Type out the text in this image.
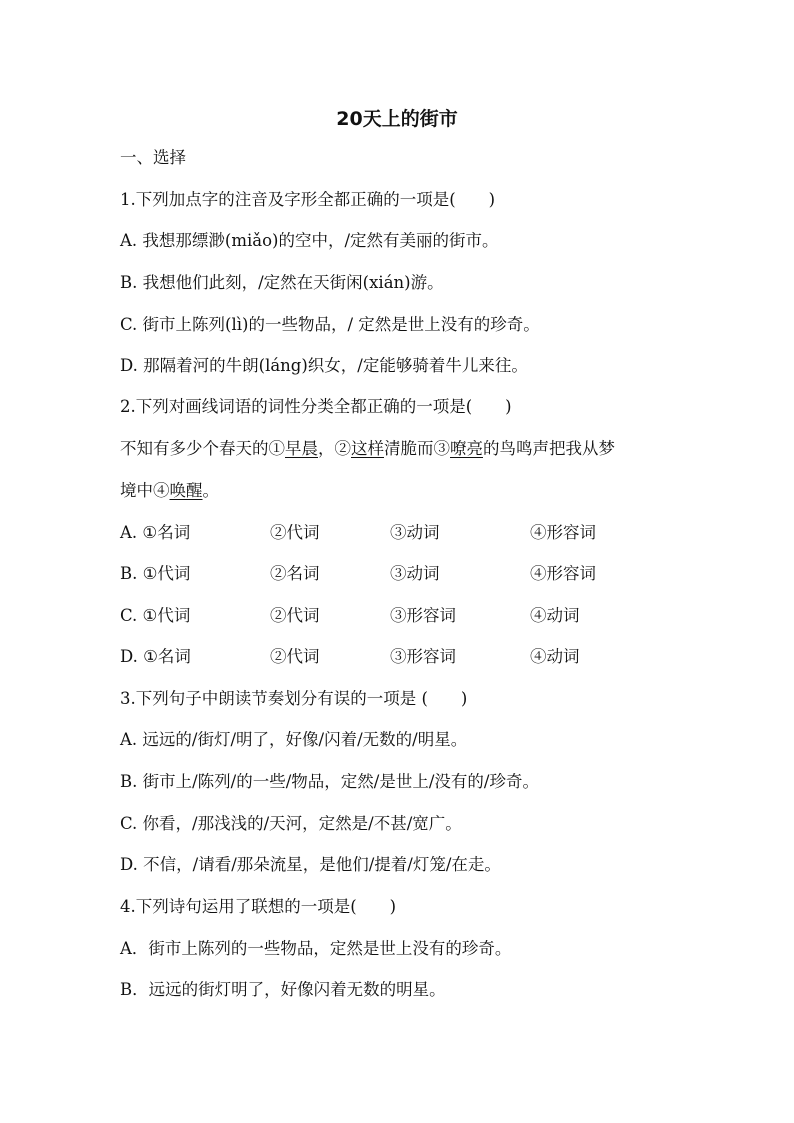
20天上的街市
一、选择
1.下列加点字的注音及字形全都正确的一项是(　　)
A. 我想那缥渺(miǎo)的空中，/定然有美丽的街市。
B. 我想他们此刻，/定然在天街闲(xián)游。
C. 街市上陈列(lì)的一些物品，/ 定然是世上没有的珍奇。
D. 那隔着河的牛朗(láng)织女，/定能够骑着牛儿来往。
2.下列对画线词语的词性分类全都正确的一项是(　　)
不知有多少个春天的①早晨，②这样清脆而③嘹亮的鸟鸣声把我从梦
境中④唤醒。
A. ①名词	②代词	③动词	④形容词
B. ①代词	②名词	③动词	④形容词
C. ①代词	②代词	③形容词	④动词
D. ①名词	②代词	③形容词	④动词
3.下列句子中朗读节奏划分有误的一项是 (　　)
A. 远远的/街灯/明了，好像/闪着/无数的/明星。
B. 街市上/陈列/的一些/物品，定然/是世上/没有的/珍奇。
C. 你看，/那浅浅的/天河，定然是/不甚/宽广。
D. 不信，/请看/那朵流星，是他们/提着/灯笼/在走。
4.下列诗句运用了联想的一项是(　　)
A．街市上陈列的一些物品，定然是世上没有的珍奇。
B．远远的街灯明了，好像闪着无数的明星。
